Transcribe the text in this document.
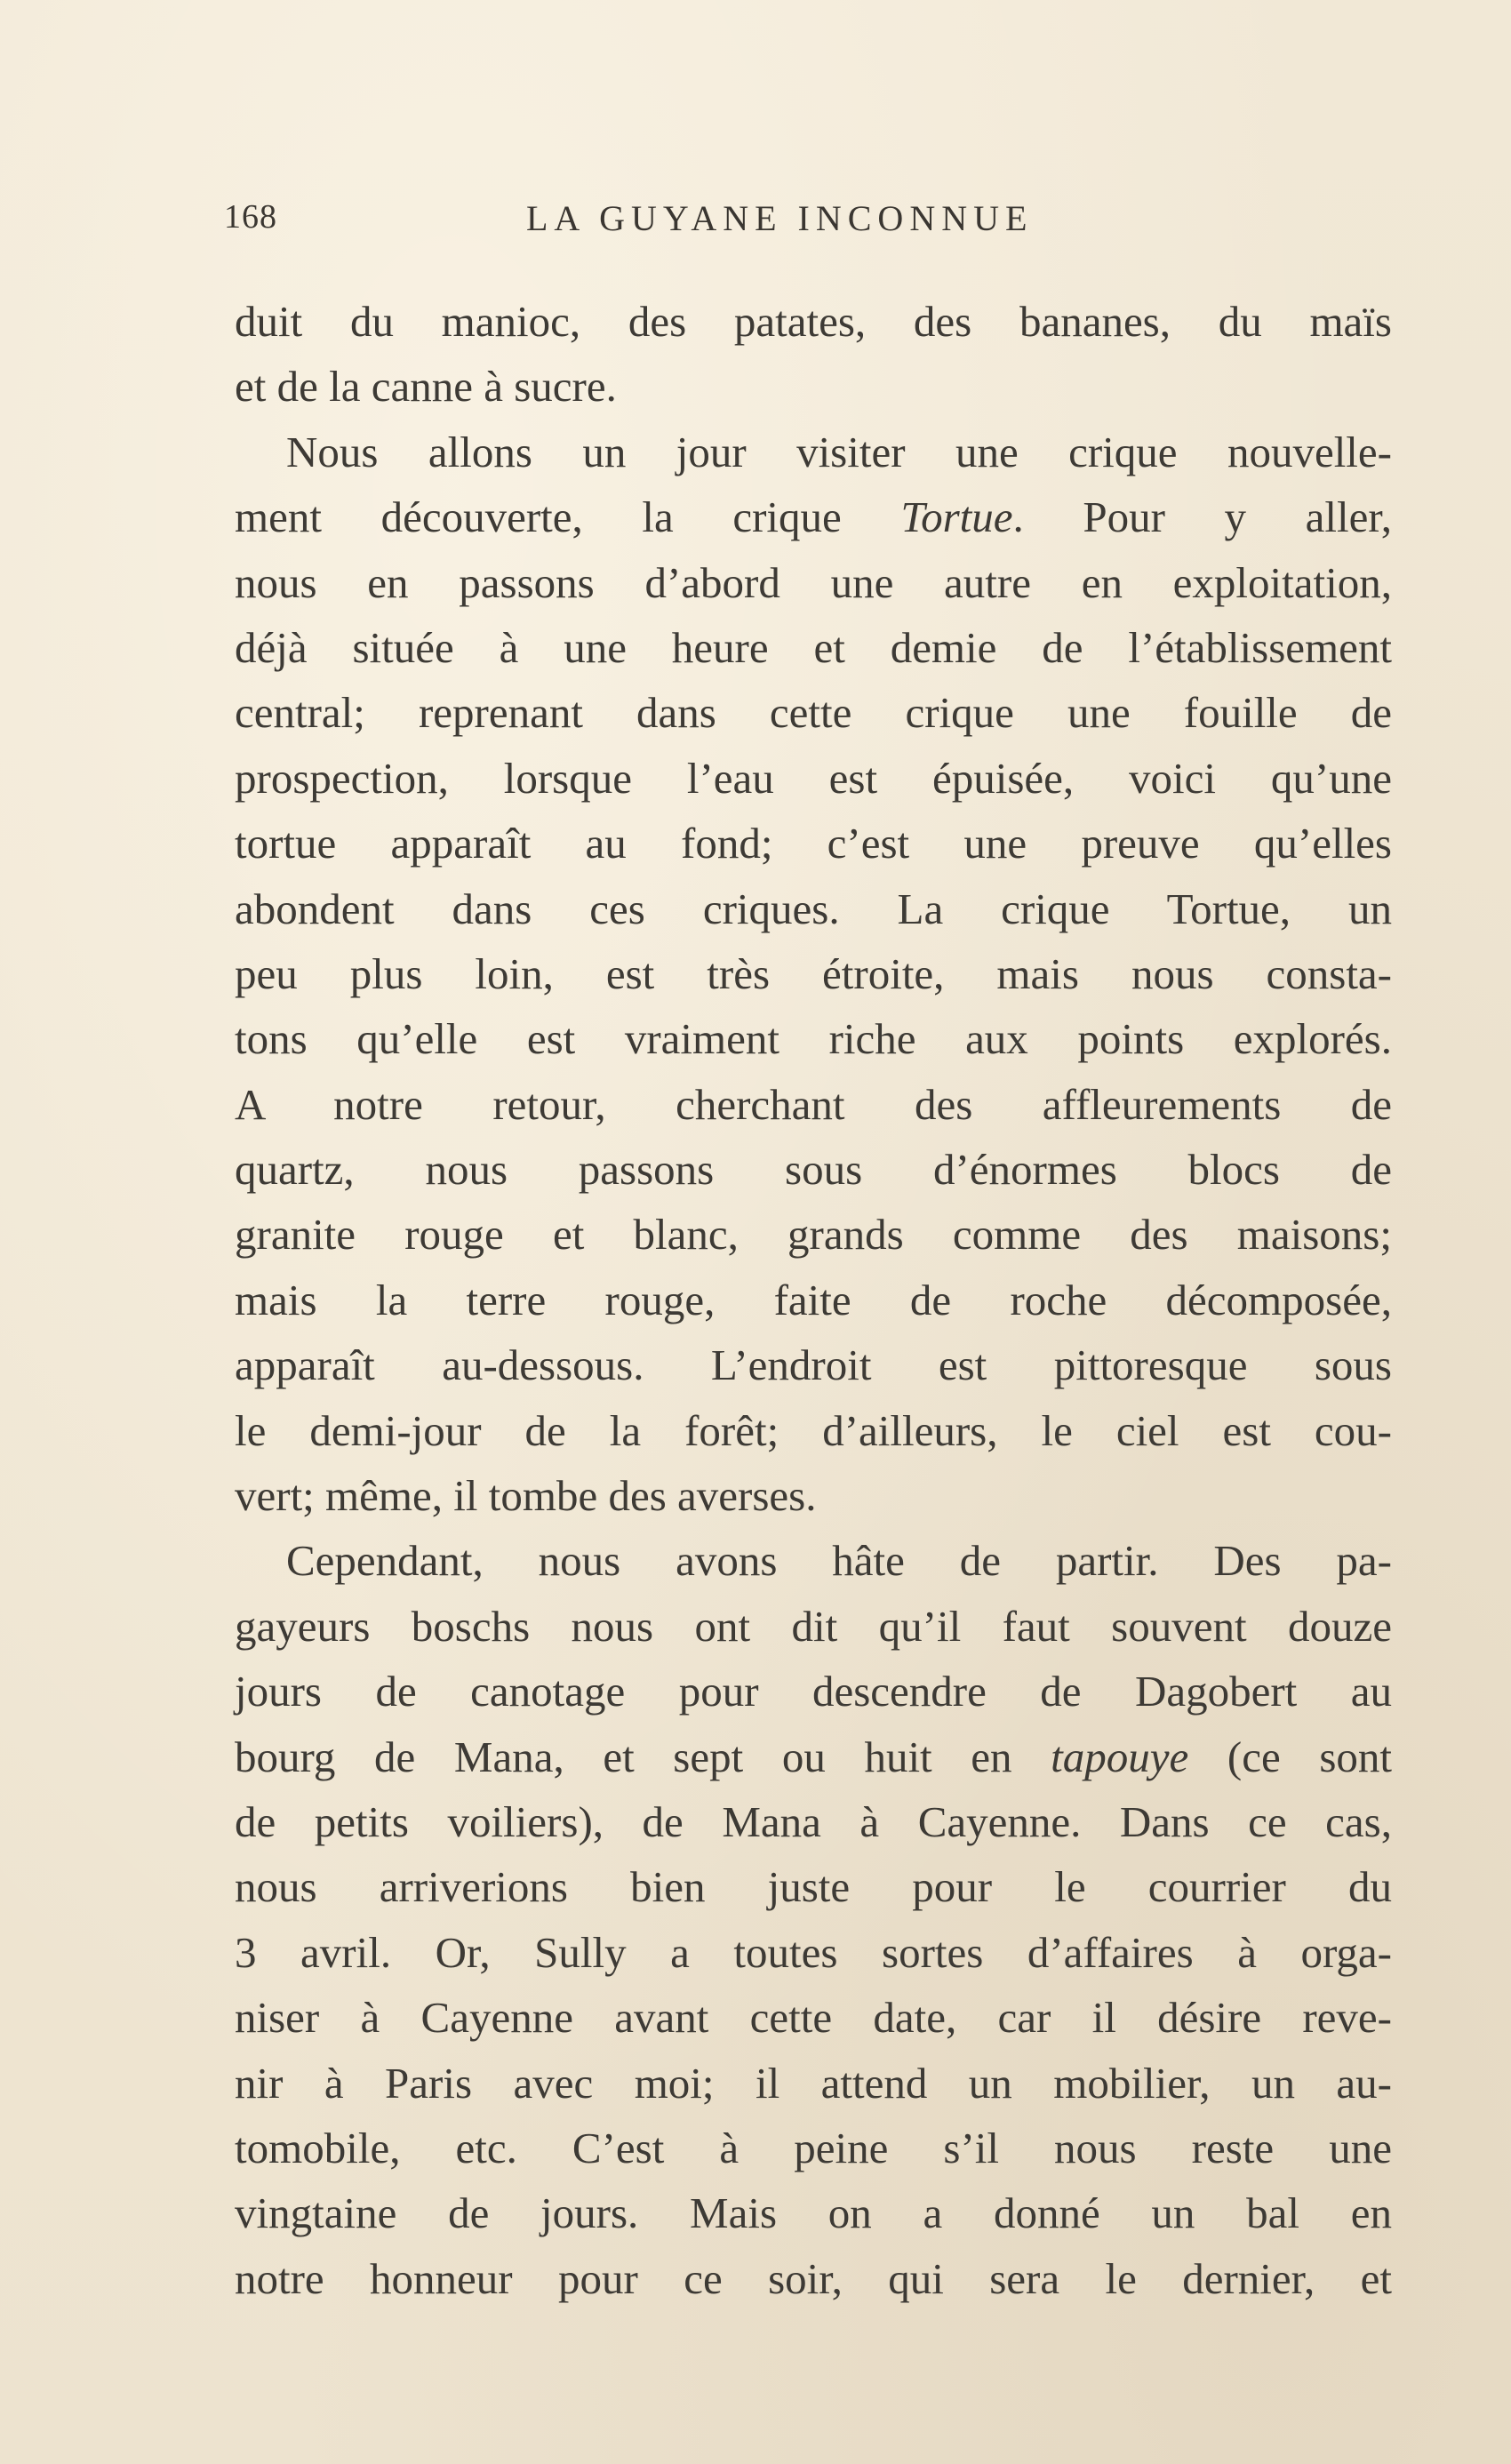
168	LA GUYANE INCONNUE
duit du manioc, des patates, des bananes, du maïs
et de la canne à sucre.
Nous allons un jour visiter une crique nouvelle-
ment découverte, la crique Tortue. Pour y aller,
nous en passons d’abord une autre en exploitation,
déjà située à une heure et demie de l’établissement
central; reprenant dans cette crique une fouille de
prospection, lorsque l’eau est épuisée, voici qu’une
tortue apparaît au fond; c’est une preuve qu’elles
abondent dans ces criques. La crique Tortue, un
peu plus loin, est très étroite, mais nous consta-
tons qu’elle est vraiment riche aux points explorés.
A notre retour, cherchant des affleurements de
quartz, nous passons sous d’énormes blocs de
granite rouge et blanc, grands comme des maisons;
mais la terre rouge, faite de roche décomposée,
apparaît au-dessous. L’endroit est pittoresque sous
le demi-jour de la forêt; d’ailleurs, le ciel est cou-
vert; même, il tombe des averses.
Cependant, nous avons hâte de partir. Des pa-
gayeurs boschs nous ont dit qu’il faut souvent douze
jours de canotage pour descendre de Dagobert au
bourg de Mana, et sept ou huit en tapouye (ce sont
de petits voiliers), de Mana à Cayenne. Dans ce cas,
nous arriverions bien juste pour le courrier du
3 avril. Or, Sully a toutes sortes d’affaires à orga-
niser à Cayenne avant cette date, car il désire reve-
nir à Paris avec moi; il attend un mobilier, un au-
tomobile, etc. C’est à peine s’il nous reste une
vingtaine de jours. Mais on a donné un bal en
notre honneur pour ce soir, qui sera le dernier, et
